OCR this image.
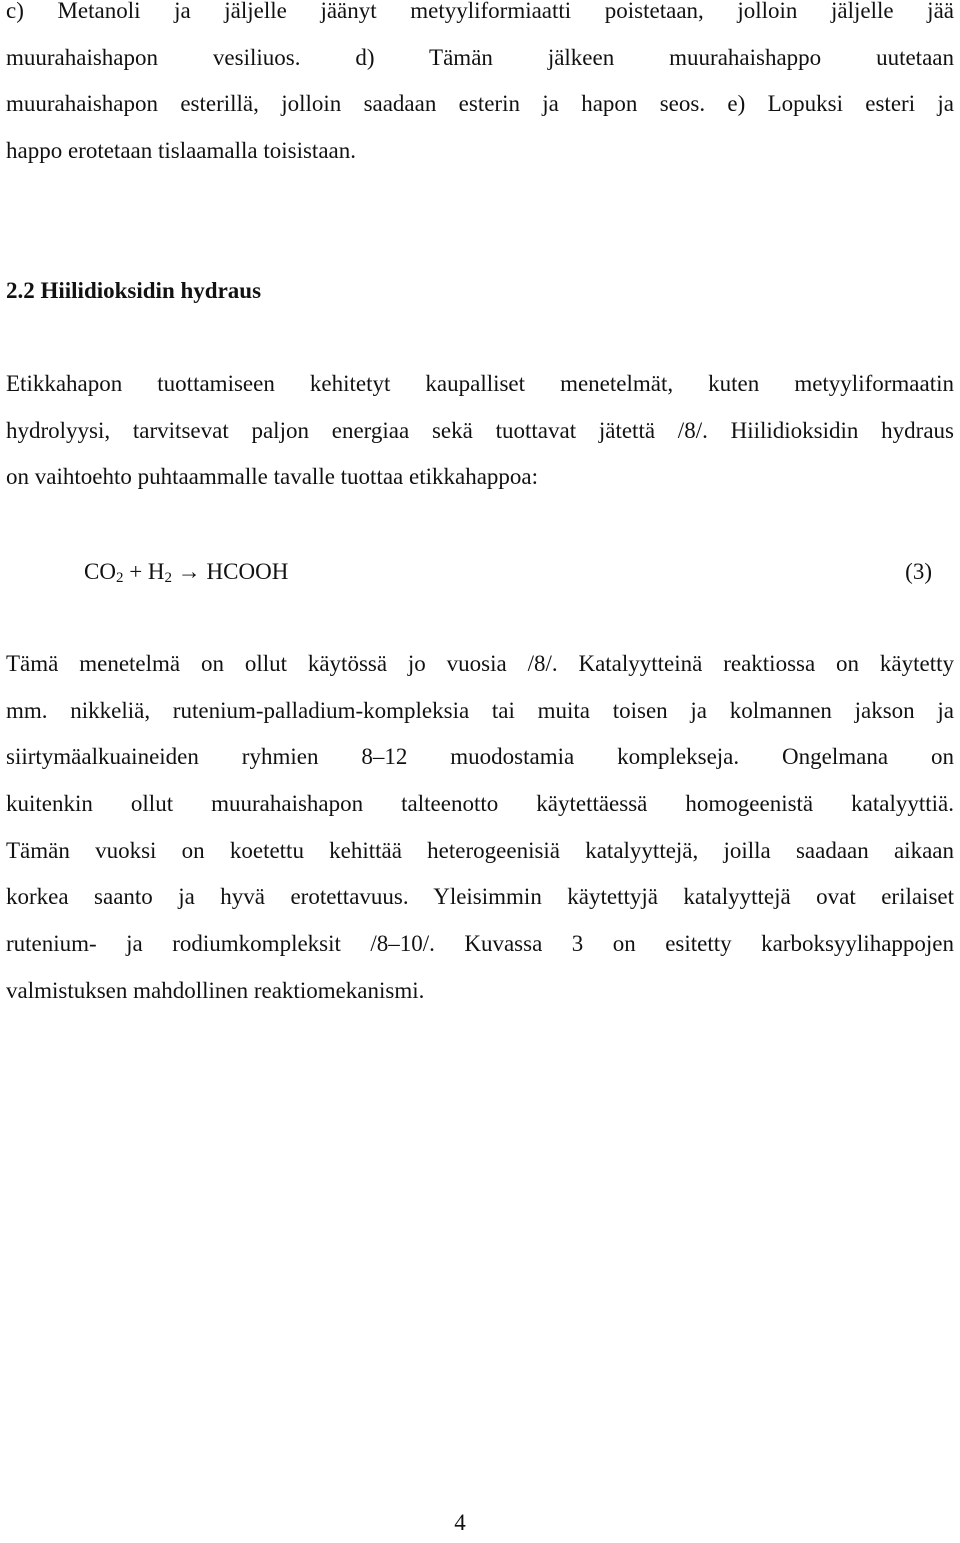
c) Metanoli ja jäljelle jäänyt metyyliformiaatti poistetaan, jolloin jäljelle jää
muurahaishapon vesiliuos. d) Tämän jälkeen muurahaishappo uutetaan
muurahaishapon esterillä, jolloin saadaan esterin ja hapon seos. e) Lopuksi esteri ja
happo erotetaan tislaamalla toisistaan.
2.2 Hiilidioksidin hydraus
Etikkahapon tuottamiseen kehitetyt kaupalliset menetelmät, kuten metyyliformaatin
hydrolyysi, tarvitsevat paljon energiaa sekä tuottavat jätettä /8/. Hiilidioksidin hydraus
on vaihtoehto puhtaammalle tavalle tuottaa etikkahappoa:
$CO_2 + H_2$ → HCOOH	(3)
Tämä menetelmä on ollut käytössä jo vuosia /8/. Katalyytteinä reaktiossa on käytetty
mm. nikkeliä, rutenium-palladium-kompleksia tai muita toisen ja kolmannen jakson ja
siirtymäalkuaineiden ryhmien 8–12 muodostamia komplekseja. Ongelmana on
kuitenkin ollut muurahaishapon talteenotto käytettäessä homogeenistä katalyyttiä.
Tämän vuoksi on koetettu kehittää heterogeenisiä katalyyttejä, joilla saadaan aikaan
korkea saanto ja hyvä erotettavuus. Yleisimmin käytettyjä katalyyttejä ovat erilaiset
rutenium- ja rodiumkompleksit /8–10/. Kuvassa 3 on esitetty karboksyylihappojen
valmistuksen mahdollinen reaktiomekanismi.
4
